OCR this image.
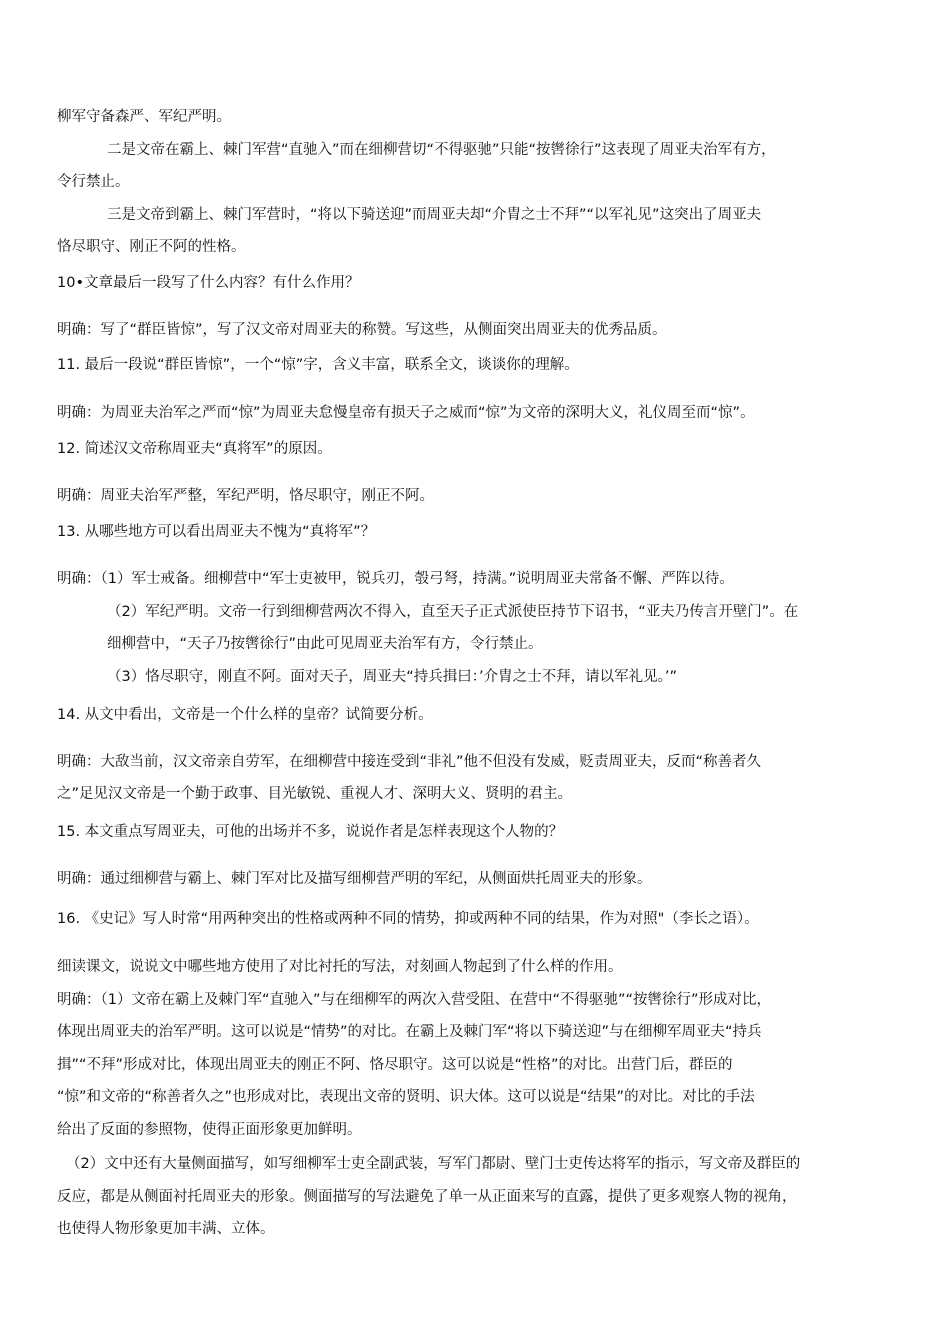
柳军守备森严、军纪严明。
二是文帝在霸上、棘门军营“直驰入”而在细柳营切“不得驱驰”只能“按辔徐行”这表现了周亚夫治军有方，
令行禁止。
三是文帝到霸上、棘门军营时，“将以下骑送迎”而周亚夫却“介胄之士不拜”“以军礼见”这突出了周亚夫
恪尽职守、刚正不阿的性格。
10•文章最后一段写了什么内容？有什么作用？
明确：写了“群臣皆惊”，写了汉文帝对周亚夫的称赞。写这些，从侧面突出周亚夫的优秀品质。
11. 最后一段说“群臣皆惊”，一个“惊”字，含义丰富，联系全文，谈谈你的理解。
明确：为周亚夫治军之严而“惊”为周亚夫怠慢皇帝有损天子之威而“惊”为文帝的深明大义，礼仪周至而“惊”。
12. 简述汉文帝称周亚夫“真将军”的原因。
明确：周亚夫治军严整，军纪严明，恪尽职守，刚正不阿。
13. 从哪些地方可以看出周亚夫不愧为“真将军”？
明确：（1）军士戒备。细柳营中“军士吏被甲，锐兵刃，彀弓弩，持满。”说明周亚夫常备不懈、严阵以待。
（2）军纪严明。文帝一行到细柳营两次不得入，直至天子正式派使臣持节下诏书，“亚夫乃传言开壁门”。在
细柳营中，“天子乃按辔徐行”由此可见周亚夫治军有方，令行禁止。
（3）恪尽职守，刚直不阿。面对天子，周亚夫“持兵揖曰：’介胄之士不拜，请以军礼见。’”
14. 从文中看出，文帝是一个什么样的皇帝？试简要分析。
明确：大敌当前，汉文帝亲自劳军，在细柳营中接连受到“非礼”他不但没有发威，贬责周亚夫，反而“称善者久
之”足见汉文帝是一个勤于政事、目光敏锐、重视人才、深明大义、贤明的君主。
15. 本文重点写周亚夫，可他的出场并不多，说说作者是怎样表现这个人物的？
明确：通过细柳营与霸上、棘门军对比及描写细柳营严明的军纪，从侧面烘托周亚夫的形象。
16. 《史记》写人时常“用两种突出的性格或两种不同的情势，抑或两种不同的结果，作为对照"（李长之语）。
细读课文，说说文中哪些地方使用了对比衬托的写法，对刻画人物起到了什么样的作用。
明确：（1）文帝在霸上及棘门军“直驰入”与在细柳军的两次入营受阻、在营中“不得驱驰”“按辔徐行”形成对比，
体现出周亚夫的治军严明。这可以说是“情势”的对比。在霸上及棘门军“将以下骑送迎”与在细柳军周亚夫“持兵
揖”“不拜”形成对比，体现出周亚夫的刚正不阿、恪尽职守。这可以说是“性格”的对比。出营门后，群臣的
“惊”和文帝的“称善者久之”也形成对比，表现出文帝的贤明、识大体。这可以说是“结果”的对比。对比的手法
给出了反面的参照物，使得正面形象更加鲜明。
（2）文中还有大量侧面描写，如写细柳军士吏全副武装，写军门都尉、壁门士吏传达将军的指示，写文帝及群臣的
反应，都是从侧面衬托周亚夫的形象。侧面描写的写法避免了单一从正面来写的直露，提供了更多观察人物的视角，
也使得人物形象更加丰满、立体。
